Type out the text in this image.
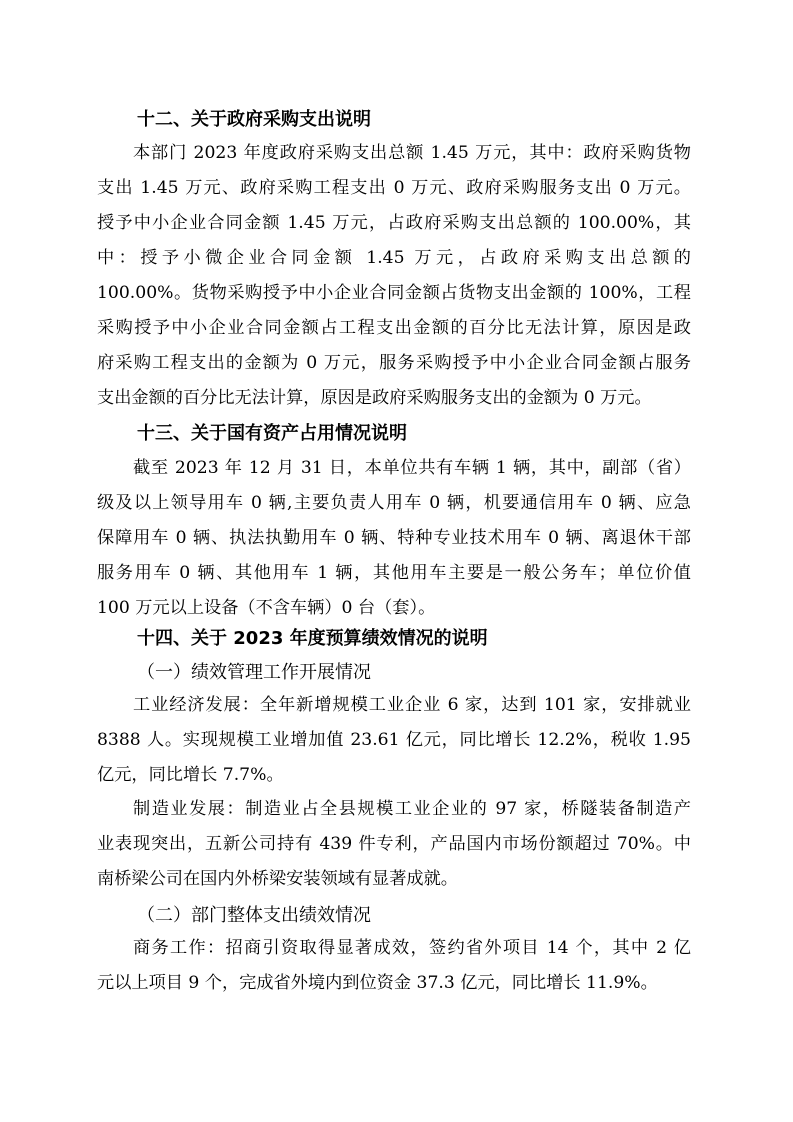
十二、关于政府采购支出说明
本部门 2023 年度政府采购支出总额 1.45 万元，其中：政府采购货物
支出 1.45 万元、政府采购工程支出 0 万元、政府采购服务支出 0 万元。
授予中小企业合同金额 1.45 万元，占政府采购支出总额的 100.00%，其
中：授予小微企业合同金额 1.45 万元，占政府采购支出总额的
100.00%。货物采购授予中小企业合同金额占货物支出金额的 100%，工程
采购授予中小企业合同金额占工程支出金额的百分比无法计算，原因是政
府采购工程支出的金额为 0 万元，服务采购授予中小企业合同金额占服务
支出金额的百分比无法计算，原因是政府采购服务支出的金额为 0 万元。
十三、关于国有资产占用情况说明
截至 2023 年 12 月 31 日，本单位共有车辆 1 辆，其中，副部（省）
级及以上领导用车 0 辆,主要负责人用车 0 辆，机要通信用车 0 辆、应急
保障用车 0 辆、执法执勤用车 0 辆、特种专业技术用车 0 辆、离退休干部
服务用车 0 辆、其他用车 1 辆，其他用车主要是一般公务车；单位价值
100 万元以上设备（不含车辆）0 台（套）。
十四、关于 2023 年度预算绩效情况的说明
（一）绩效管理工作开展情况
工业经济发展：全年新增规模工业企业 6 家，达到 101 家，安排就业
8388 人。实现规模工业增加值 23.61 亿元，同比增长 12.2%，税收 1.95
亿元，同比增长 7.7%。
制造业发展：制造业占全县规模工业企业的 97 家，桥隧装备制造产
业表现突出，五新公司持有 439 件专利，产品国内市场份额超过 70%。中
南桥梁公司在国内外桥梁安装领域有显著成就。
（二）部门整体支出绩效情况
商务工作：招商引资取得显著成效，签约省外项目 14 个，其中 2 亿
元以上项目 9 个，完成省外境内到位资金 37.3 亿元，同比增长 11.9%。
